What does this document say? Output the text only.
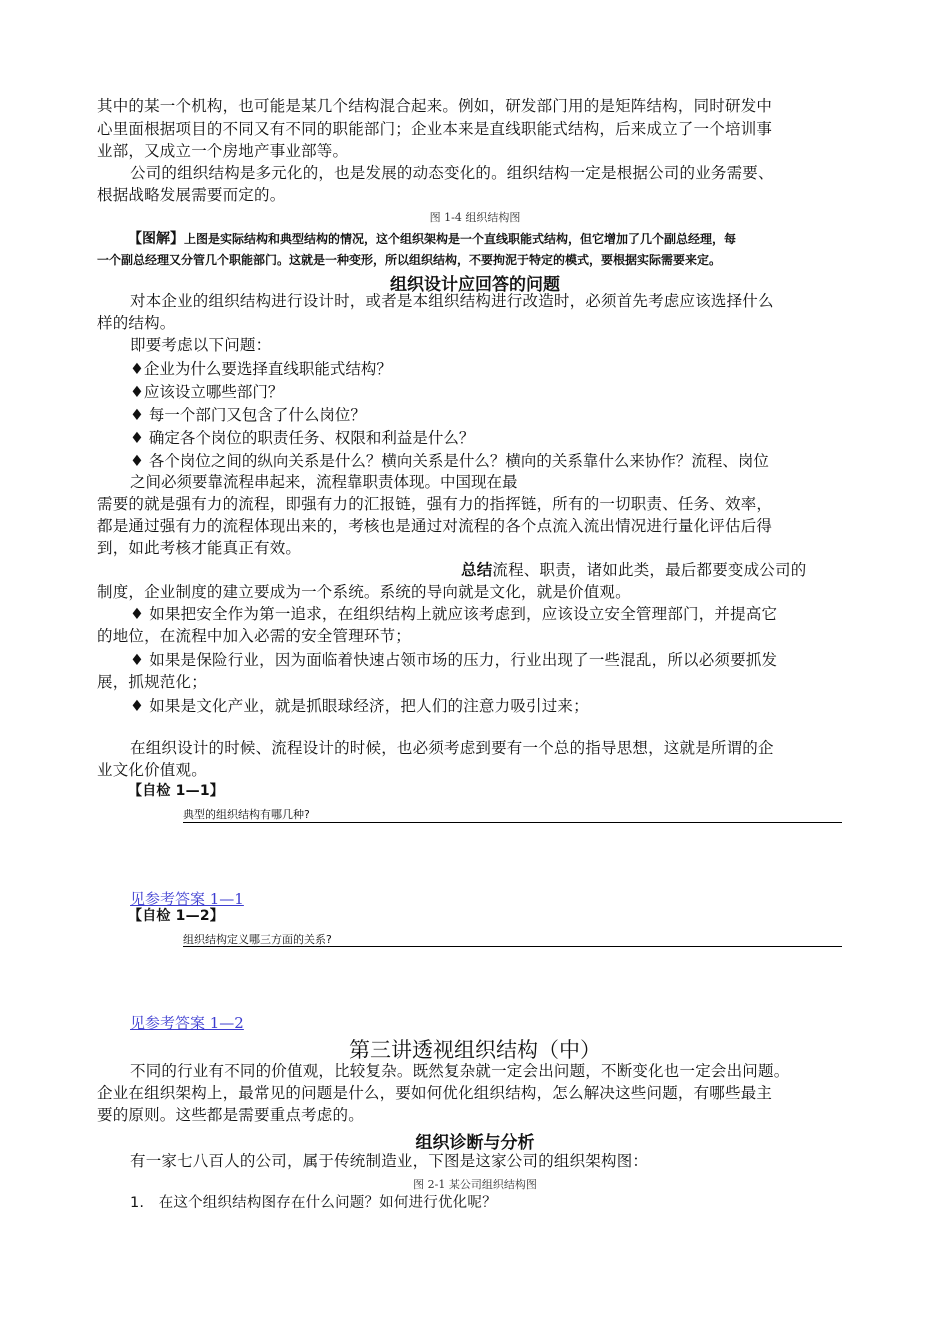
其中的某一个机构，也可能是某几个结构混合起来。例如，研发部门用的是矩阵结构，同时研发中
心里面根据项目的不同又有不同的职能部门；企业本来是直线职能式结构，后来成立了一个培训事
业部，又成立一个房地产事业部等。
公司的组织结构是多元化的，也是发展的动态变化的。组织结构一定是根据公司的业务需要、
根据战略发展需要而定的。
图 1-4 组织结构图
【图解】上图是实际结构和典型结构的情况，这个组织架构是一个直线职能式结构，但它增加了几个副总经理，每
一个副总经理又分管几个职能部门。这就是一种变形，所以组织结构，不要拘泥于特定的模式，要根据实际需要来定。
组织设计应回答的问题
对本企业的组织结构进行设计时，或者是本组织结构进行改造时，必须首先考虑应该选择什么
样的结构。
即要考虑以下问题：
♦企业为什么要选择直线职能式结构？
♦应该设立哪些部门？
♦ 每一个部门又包含了什么岗位？
♦ 确定各个岗位的职责任务、权限和利益是什么？
♦ 各个岗位之间的纵向关系是什么？横向关系是什么？横向的关系靠什么来协作？流程、岗位
之间必须要靠流程串起来，流程靠职责体现。中国现在最
需要的就是强有力的流程，即强有力的汇报链，强有力的指挥链，所有的一切职责、任务、效率，
都是通过强有力的流程体现出来的，考核也是通过对流程的各个点流入流出情况进行量化评估后得
到，如此考核才能真正有效。
总结流程、职责，诸如此类，最后都要变成公司的
制度，企业制度的建立要成为一个系统。系统的导向就是文化，就是价值观。
♦ 如果把安全作为第一追求，在组织结构上就应该考虑到，应该设立安全管理部门，并提高它
的地位，在流程中加入必需的安全管理环节；
♦ 如果是保险行业，因为面临着快速占领市场的压力，行业出现了一些混乱，所以必须要抓发
展，抓规范化；
♦ 如果是文化产业，就是抓眼球经济，把人们的注意力吸引过来；
在组织设计的时候、流程设计的时候，也必须考虑到要有一个总的指导思想，这就是所谓的企
业文化价值观。
【自检 1—1】
典型的组织结构有哪几种?
见参考答案 1—1
【自检 1—2】
组织结构定义哪三方面的关系?
见参考答案 1—2
第三讲透视组织结构（中）
不同的行业有不同的价值观，比较复杂。既然复杂就一定会出问题，不断变化也一定会出问题。
企业在组织架构上，最常见的问题是什么，要如何优化组织结构，怎么解决这些问题，有哪些最主
要的原则。这些都是需要重点考虑的。
组织诊断与分析
有一家七八百人的公司，属于传统制造业，下图是这家公司的组织架构图：
图 2-1 某公司组织结构图
1. 在这个组织结构图存在什么问题？如何进行优化呢？
